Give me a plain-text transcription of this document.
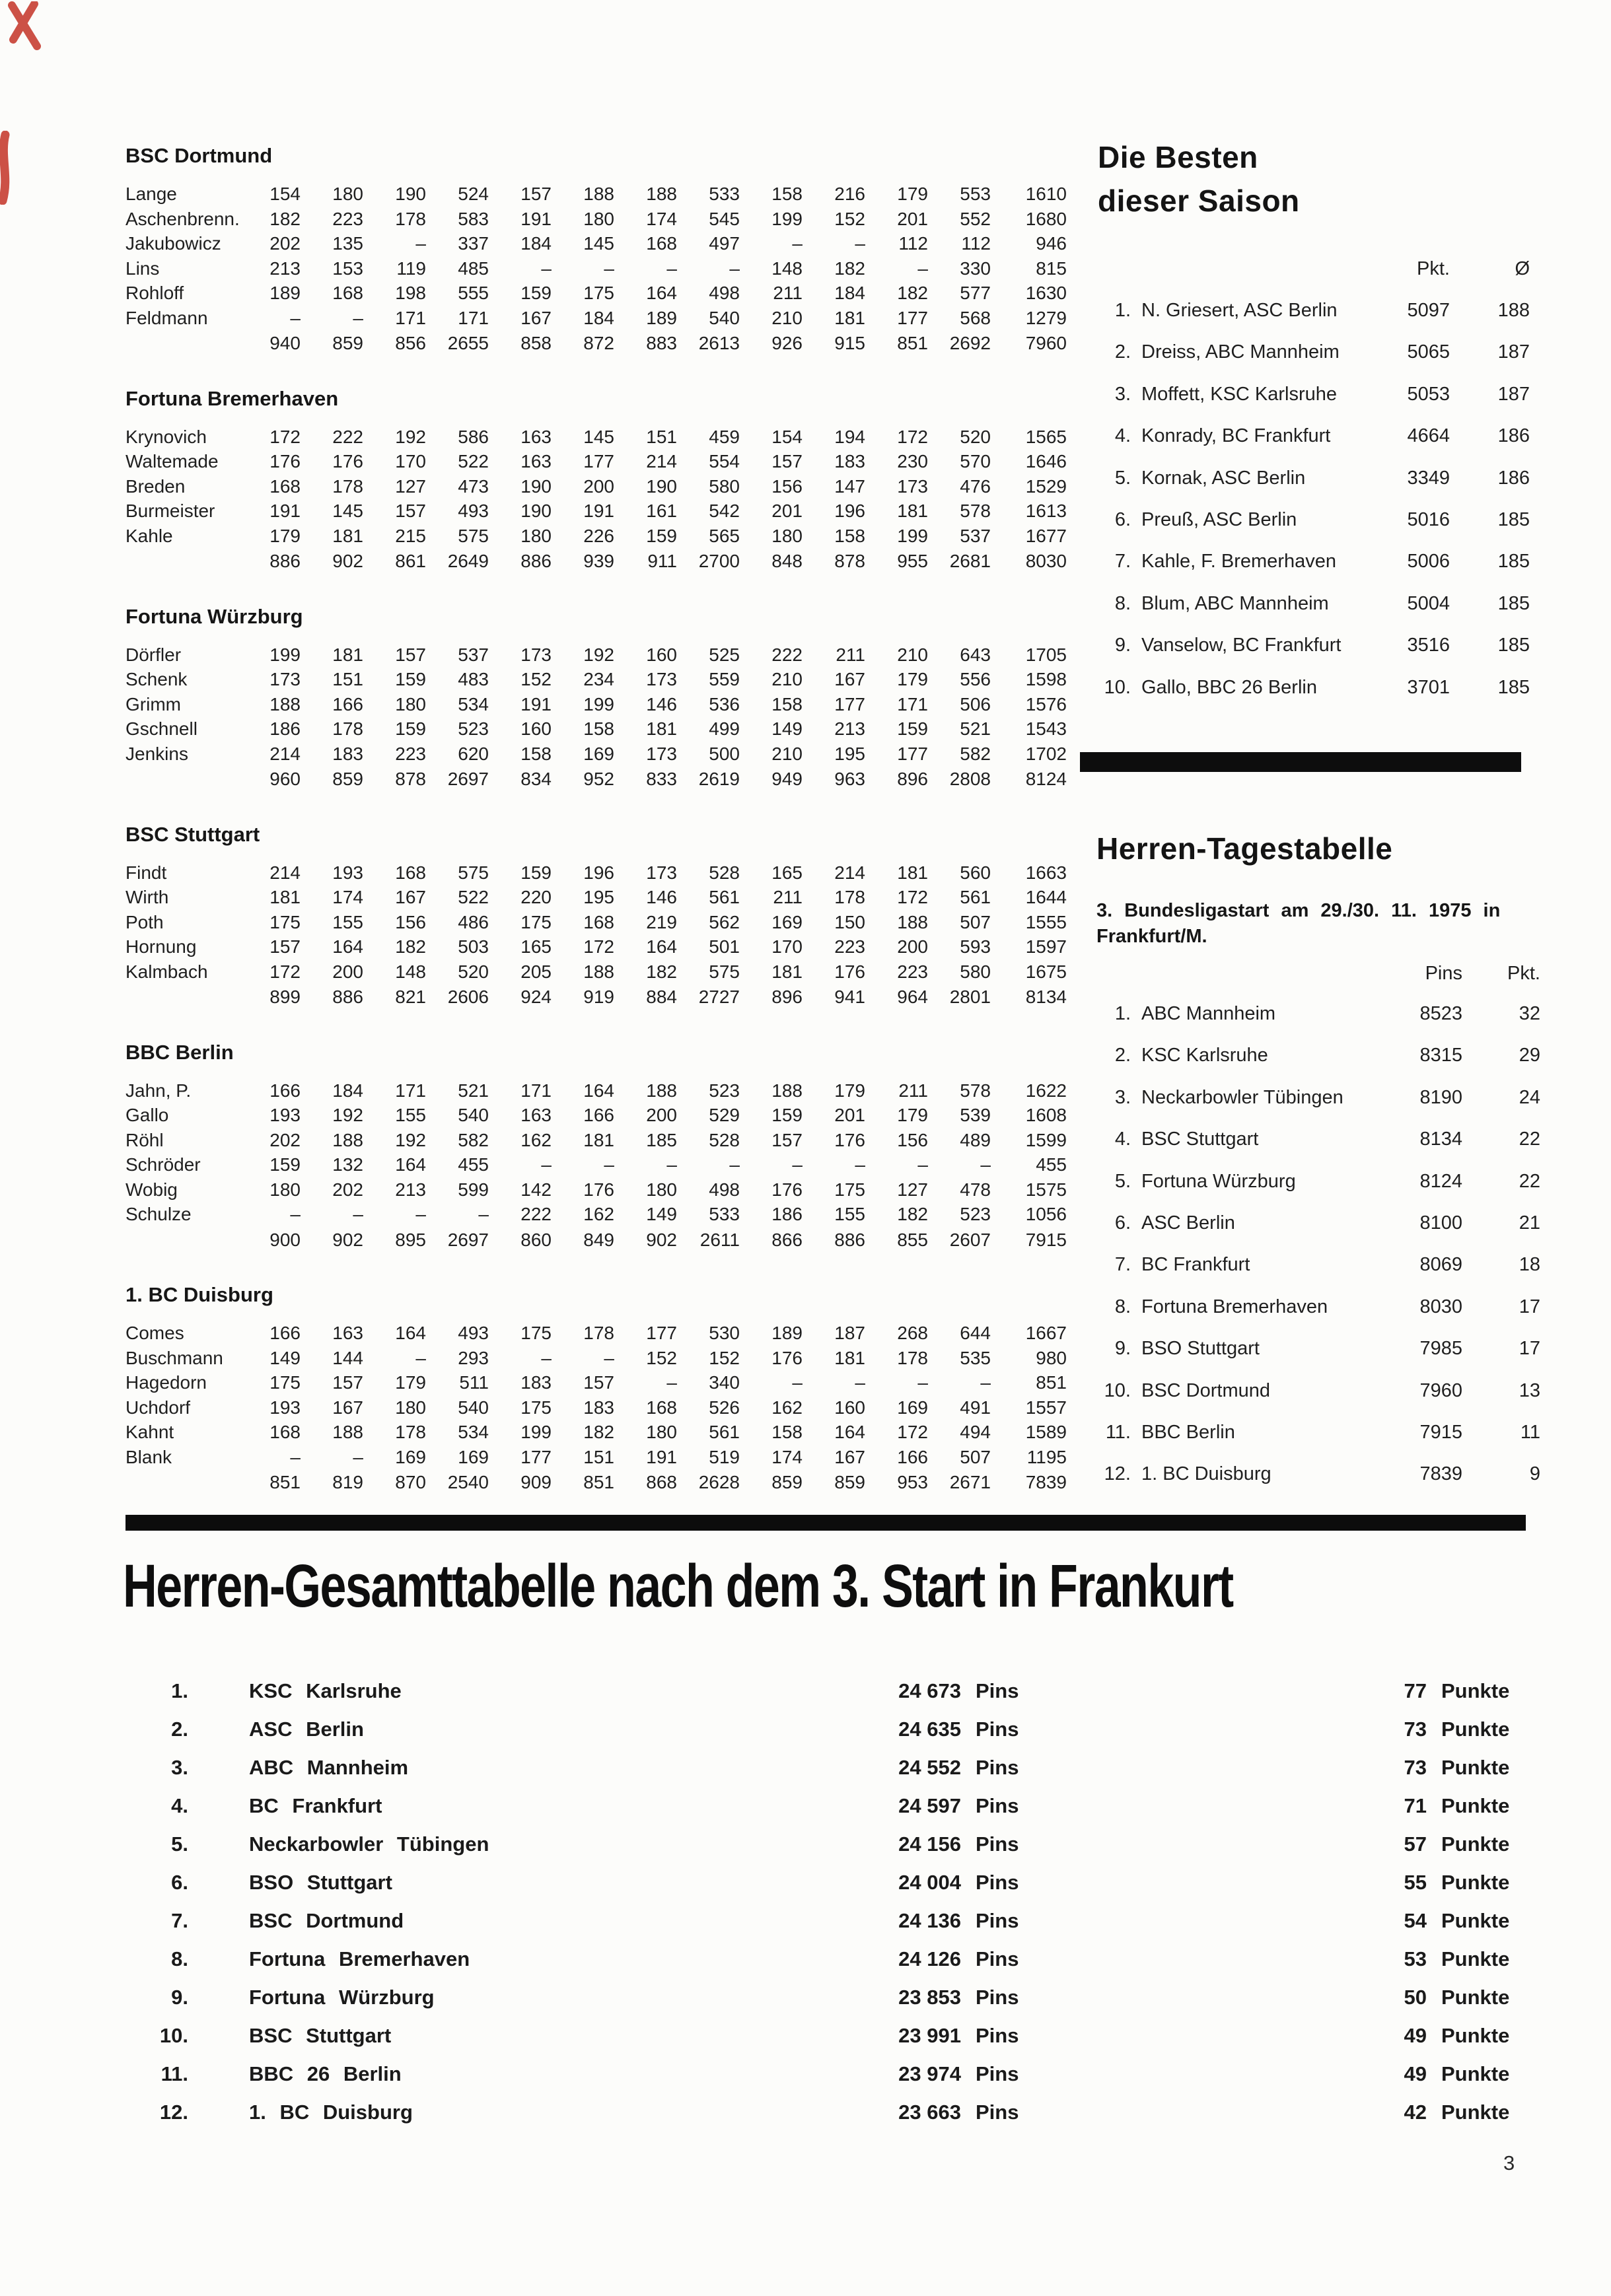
BSC Dortmund
Lange	154	180	190	524	157	188	188	533	158	216	179	553	1610
Aschenbrenn.	182	223	178	583	191	180	174	545	199	152	201	552	1680
Jakubowicz	202	135	–	337	184	145	168	497	–	–	112	112	946
Lins	213	153	119	485	–	–	–	–	148	182	–	330	815
Rohloff	189	168	198	555	159	175	164	498	211	184	182	577	1630
Feldmann	–	–	171	171	167	184	189	540	210	181	177	568	1279
940	859	856	2655	858	872	883	2613	926	915	851	2692	7960
Fortuna Bremerhaven
Krynovich	172	222	192	586	163	145	151	459	154	194	172	520	1565
Waltemade	176	176	170	522	163	177	214	554	157	183	230	570	1646
Breden	168	178	127	473	190	200	190	580	156	147	173	476	1529
Burmeister	191	145	157	493	190	191	161	542	201	196	181	578	1613
Kahle	179	181	215	575	180	226	159	565	180	158	199	537	1677
886	902	861	2649	886	939	911	2700	848	878	955	2681	8030
Fortuna Würzburg
Dörfler	199	181	157	537	173	192	160	525	222	211	210	643	1705
Schenk	173	151	159	483	152	234	173	559	210	167	179	556	1598
Grimm	188	166	180	534	191	199	146	536	158	177	171	506	1576
Gschnell	186	178	159	523	160	158	181	499	149	213	159	521	1543
Jenkins	214	183	223	620	158	169	173	500	210	195	177	582	1702
960	859	878	2697	834	952	833	2619	949	963	896	2808	8124
BSC Stuttgart
Findt	214	193	168	575	159	196	173	528	165	214	181	560	1663
Wirth	181	174	167	522	220	195	146	561	211	178	172	561	1644
Poth	175	155	156	486	175	168	219	562	169	150	188	507	1555
Hornung	157	164	182	503	165	172	164	501	170	223	200	593	1597
Kalmbach	172	200	148	520	205	188	182	575	181	176	223	580	1675
899	886	821	2606	924	919	884	2727	896	941	964	2801	8134
BBC Berlin
Jahn, P.	166	184	171	521	171	164	188	523	188	179	211	578	1622
Gallo	193	192	155	540	163	166	200	529	159	201	179	539	1608
Röhl	202	188	192	582	162	181	185	528	157	176	156	489	1599
Schröder	159	132	164	455	–	–	–	–	–	–	–	–	455
Wobig	180	202	213	599	142	176	180	498	176	175	127	478	1575
Schulze	–	–	–	–	222	162	149	533	186	155	182	523	1056
900	902	895	2697	860	849	902	2611	866	886	855	2607	7915
1. BC Duisburg
Comes	166	163	164	493	175	178	177	530	189	187	268	644	1667
Buschmann	149	144	–	293	–	–	152	152	176	181	178	535	980
Hagedorn	175	157	179	511	183	157	–	340	–	–	–	–	851
Uchdorf	193	167	180	540	175	183	168	526	162	160	169	491	1557
Kahnt	168	188	178	534	199	182	180	561	158	164	172	494	1589
Blank	–	–	169	169	177	151	191	519	174	167	166	507	1195
851	819	870	2540	909	851	868	2628	859	859	953	2671	7839
Die Besten
dieser Saison
Pkt.	Ø
1. N. Griesert, ASC Berlin	5097	188
2. Dreiss, ABC Mannheim	5065	187
3. Moffett, KSC Karlsruhe	5053	187
4. Konrady, BC Frankfurt	4664	186
5. Kornak, ASC Berlin	3349	186
6. Preuß, ASC Berlin	5016	185
7. Kahle, F. Bremerhaven	5006	185
8. Blum, ABC Mannheim	5004	185
9. Vanselow, BC Frankfurt	3516	185
10. Gallo, BBC 26 Berlin	3701	185
Herren-Tagestabelle

3. Bundesligastart am 29./30. 11. 1975 in
Frankfurt/M.

Pins	Pkt.
1. ABC Mannheim	8523	32
2. KSC Karlsruhe	8315	29
3. Neckarbowler Tübingen	8190	24
4. BSC Stuttgart	8134	22
5. Fortuna Würzburg	8124	22
6. ASC Berlin	8100	21
7. BC Frankfurt	8069	18
8. Fortuna Bremerhaven	8030	17
9. BSO Stuttgart	7985	17
10. BSC Dortmund	7960	13
11. BBC Berlin	7915	11
12. 1. BC Duisburg	7839	9
Herren-Gesamttabelle nach dem 3. Start in Frankurt
1.	KSC Karlsruhe	24 673 Pins	77 Punkte
2.	ASC Berlin	24 635 Pins	73 Punkte
3.	ABC Mannheim	24 552 Pins	73 Punkte
4.	BC Frankfurt	24 597 Pins	71 Punkte
5.	Neckarbowler Tübingen	24 156 Pins	57 Punkte
6.	BSO Stuttgart	24 004 Pins	55 Punkte
7.	BSC Dortmund	24 136 Pins	54 Punkte
8.	Fortuna Bremerhaven	24 126 Pins	53 Punkte
9.	Fortuna Würzburg	23 853 Pins	50 Punkte
10.	BSC Stuttgart	23 991 Pins	49 Punkte
11.	BBC 26 Berlin	23 974 Pins	49 Punkte
12.	1. BC Duisburg	23 663 Pins	42 Punkte
3
